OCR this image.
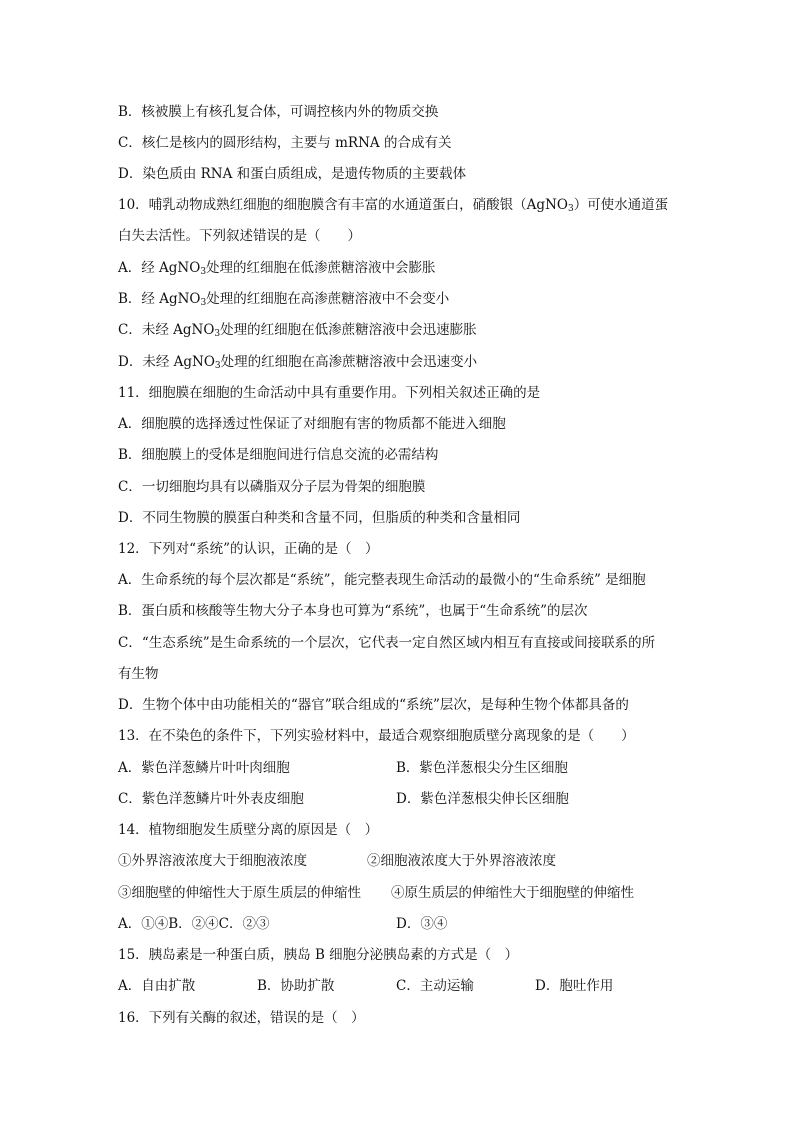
B．核被膜上有核孔复合体，可调控核内外的物质交换
C．核仁是核内的圆形结构，主要与 mRNA 的合成有关
D．染色质由 RNA 和蛋白质组成，是遗传物质的主要载体
10．哺乳动物成熟红细胞的细胞膜含有丰富的水通道蛋白，硝酸银（AgNO$_3$）可使水通道蛋
白失去活性。下列叙述错误的是（　　）
A．经 AgNO$_3$处理的红细胞在低渗蔗糖溶液中会膨胀
B．经 AgNO$_3$处理的红细胞在高渗蔗糖溶液中不会变小
C．未经 AgNO$_3$处理的红细胞在低渗蔗糖溶液中会迅速膨胀
D．未经 AgNO$_3$处理的红细胞在高渗蔗糖溶液中会迅速变小
11．细胞膜在细胞的生命活动中具有重要作用。下列相关叙述正确的是
A．细胞膜的选择透过性保证了对细胞有害的物质都不能进入细胞
B．细胞膜上的受体是细胞间进行信息交流的必需结构
C．一切细胞均具有以磷脂双分子层为骨架的细胞膜
D．不同生物膜的膜蛋白种类和含量不同，但脂质的种类和含量相同
12．下列对“系统”的认识，正确的是（　）
A．生命系统的每个层次都是“系统”，能完整表现生命活动的最微小的“生命系统” 是细胞
B．蛋白质和核酸等生物大分子本身也可算为“系统”，也属于“生命系统”的层次
C．“生态系统”是生命系统的一个层次，它代表一定自然区域内相互有直接或间接联系的所
有生物
D．生物个体中由功能相关的“器官”联合组成的“系统”层次，是每种生物个体都具备的
13．在不染色的条件下，下列实验材料中，最适合观察细胞质壁分离现象的是（　　）
A．紫色洋葱鳞片叶叶肉细胞	B．紫色洋葱根尖分生区细胞
C．紫色洋葱鳞片叶外表皮细胞	D．紫色洋葱根尖伸长区细胞
14．植物细胞发生质壁分离的原因是（　）
①外界溶液浓度大于细胞液浓度	②细胞液浓度大于外界溶液浓度
③细胞壁的伸缩性大于原生质层的伸缩性 ④原生质层的伸缩性大于细胞壁的伸缩性
A．①④B．②④C．②③	D．③④
15．胰岛素是一种蛋白质，胰岛 B 细胞分泌胰岛素的方式是（　）
A．自由扩散	B．协助扩散	C．主动运输	D．胞吐作用
16．下列有关酶的叙述，错误的是（　）
